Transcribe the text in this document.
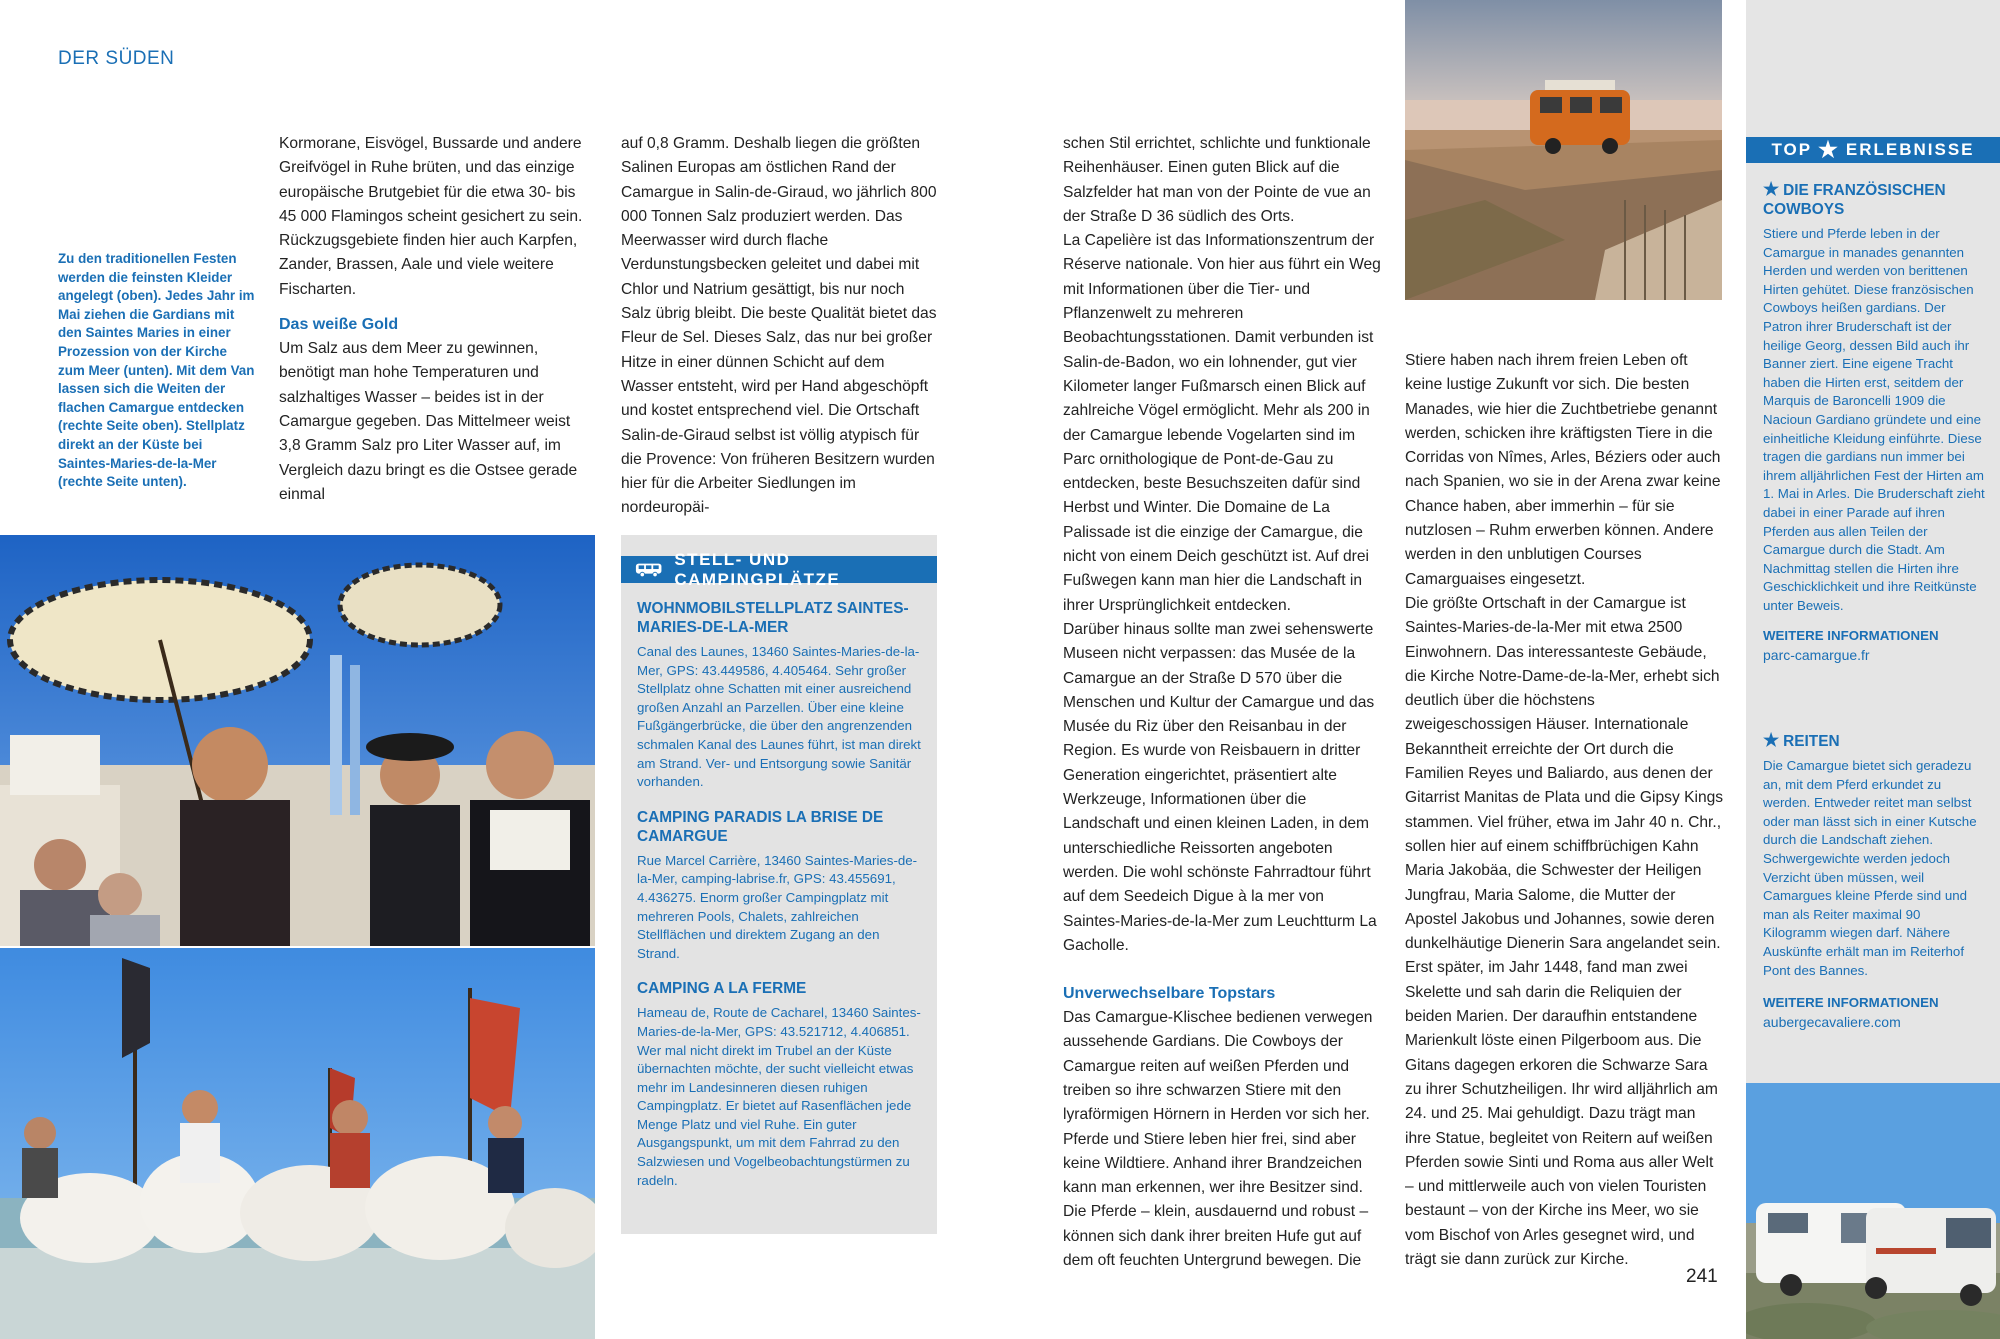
DER SÜDEN
Zu den traditionellen Festen werden die feinsten Kleider angelegt (oben). Jedes Jahr im Mai ziehen die Gardians mit den Saintes Maries in einer Prozession von der Kirche zum Meer (unten). Mit dem Van lassen sich die Weiten der flachen Camargue entdecken (rechte Seite oben). Stellplatz direkt an der Küste bei Saintes-Maries-de-la-Mer (rechte Seite unten).

Kormorane, Eisvögel, Bussarde und andere Greifvögel in Ruhe brüten, und das einzige europäische Brutgebiet für die etwa 30- bis 45 000 Flamingos scheint gesichert zu sein. Rückzugsgebiete finden hier auch Karpfen, Zander, Brassen, Aale und viele weitere Fischarten.

Das weiße Gold

Um Salz aus dem Meer zu gewinnen, benötigt man hohe Temperaturen und salzhaltiges Wasser – beides ist in der Camargue gegeben. Das Mittelmeer weist 3,8 Gramm Salz pro Liter Wasser auf, im Vergleich dazu bringt es die Ostsee gerade einmal

auf 0,8 Gramm. Deshalb liegen die größten Salinen Europas am östlichen Rand der Camargue in Salin-de-Giraud, wo jährlich 800 000 Tonnen Salz produziert werden. Das Meerwasser wird durch flache Verdunstungsbecken geleitet und dabei mit Chlor und Natrium gesättigt, bis nur noch Salz übrig bleibt. Die beste Qualität bietet das Fleur de Sel. Dieses Salz, das nur bei großer Hitze in einer dünnen Schicht auf dem Wasser entsteht, wird per Hand abgeschöpft und kostet entsprechend viel. Die Ortschaft Salin-de-Giraud selbst ist völlig atypisch für die Provence: Von früheren Besitzern wurden hier für die Arbeiter Siedlungen im nordeuropäi-

schen Stil errichtet, schlichte und funktionale Reihenhäuser. Einen guten Blick auf die Salzfelder hat man von der Pointe de vue an der Straße D 36 südlich des Orts.

La Capelière ist das Informationszentrum der Réserve nationale. Von hier aus führt ein Weg mit Informationen über die Tier- und Pflanzenwelt zu mehreren Beobachtungsstationen. Damit verbunden ist Salin-de-Badon, wo ein lohnender, gut vier Kilometer langer Fußmarsch einen Blick auf zahlreiche Vögel ermöglicht. Mehr als 200 in der Camargue lebende Vogelarten sind im Parc ornithologique de Pont-de-Gau zu entdecken, beste Besuchszeiten dafür sind Herbst und Winter. Die Domaine de La Palissade ist die einzige der Camargue, die nicht von einem Deich geschützt ist. Auf drei Fußwegen kann man hier die Landschaft in ihrer Ursprünglichkeit entdecken.

Darüber hinaus sollte man zwei sehenswerte Museen nicht verpassen: das Musée de la Camargue an der Straße D 570 über die Menschen und Kultur der Camargue und das Musée du Riz über den Reisanbau in der Region. Es wurde von Reisbauern in dritter Generation eingerichtet, präsentiert alte Werkzeuge, Informationen über die Landschaft und einen kleinen Laden, in dem unterschiedliche Reissorten angeboten werden. Die wohl schönste Fahrradtour führt auf dem Seedeich Digue à la mer von Saintes-Maries-de-la-Mer zum Leuchtturm La Gacholle.

Unverwechselbare Topstars

Das Camargue-Klischee bedienen verwegen aussehende Gardians. Die Cowboys der Camargue reiten auf weißen Pferden und treiben so ihre schwarzen Stiere mit den lyraförmigen Hörnern in Herden vor sich her. Pferde und Stiere leben hier frei, sind aber keine Wildtiere. Anhand ihrer Brandzeichen kann man erkennen, wer ihre Besitzer sind. Die Pferde – klein, ausdauernd und robust – können sich dank ihrer breiten Hufe gut auf dem oft feuchten Untergrund bewegen. Die

Stiere haben nach ihrem freien Leben oft keine lustige Zukunft vor sich. Die besten Manades, wie hier die Zuchtbetriebe genannt werden, schicken ihre kräftigsten Tiere in die Corridas von Nîmes, Arles, Béziers oder auch nach Spanien, wo sie in der Arena zwar keine Chance haben, aber immerhin – für sie nutzlosen – Ruhm erwerben können. Andere werden in den unblutigen Courses Camarguaises eingesetzt.

Die größte Ortschaft in der Camargue ist Saintes-Maries-de-la-Mer mit etwa 2500 Einwohnern. Das interessanteste Gebäude, die Kirche Notre-Dame-de-la-Mer, erhebt sich deutlich über die höchstens zweigeschossigen Häuser. Internationale Bekanntheit erreichte der Ort durch die Familien Reyes und Baliardo, aus denen der Gitarrist Manitas de Plata und die Gipsy Kings stammen. Viel früher, etwa im Jahr 40 n. Chr., sollen hier auf einem schiffbrüchigen Kahn Maria Jakobäa, die Schwester der Heiligen Jungfrau, Maria Salome, die Mutter der Apostel Jakobus und Johannes, sowie deren dunkelhäutige Dienerin Sara angelandet sein. Erst später, im Jahr 1448, fand man zwei Skelette und sah darin die Reliquien der beiden Marien. Der daraufhin entstandene Marienkult löste einen Pilgerboom aus. Die Gitans dagegen erkoren die Schwarze Sara zu ihrer Schutzheiligen. Ihr wird alljährlich am 24. und 25. Mai gehuldigt. Dazu trägt man ihre Statue, begleitet von Reitern auf weißen Pferden sowie Sinti und Roma aus aller Welt – und mittlerweile auch von vielen Touristen bestaunt – von der Kirche ins Meer, wo sie vom Bischof von Arles gesegnet wird, und trägt sie dann zurück zur Kirche.

STELL- UND CAMPINGPLÄTZE
WOHNMOBILSTELLPLATZ SAINTES-MARIES-DE-LA-MER

Canal des Launes, 13460 Saintes-Maries-de-la-Mer, GPS: 43.449586, 4.405464. Sehr großer Stellplatz ohne Schatten mit einer ausreichend großen Anzahl an Parzellen. Über eine kleine Fußgängerbrücke, die über den angrenzenden schmalen Kanal des Launes führt, ist man direkt am Strand. Ver- und Entsorgung sowie Sanitär vorhanden.

CAMPING PARADIS LA BRISE DE CAMARGUE

Rue Marcel Carrière, 13460 Saintes-Maries-de-la-Mer, camping-labrise.fr, GPS: 43.455691, 4.436275. Enorm großer Campingplatz mit mehreren Pools, Chalets, zahlreichen Stellflächen und direktem Zugang an den Strand.

CAMPING A LA FERME

Hameau de, Route de Cacharel, 13460 Saintes-Maries-de-la-Mer, GPS: 43.521712, 4.406851. Wer mal nicht direkt im Trubel an der Küste übernachten möchte, der sucht vielleicht etwas mehr im Landesinneren diesen ruhigen Campingplatz. Er bietet auf Rasenflächen jede Menge Platz und viel Ruhe. Ein guter Ausgangspunkt, um mit dem Fahrrad zu den Salzwiesen und Vogelbeobachtungstürmen zu radeln.

241
TOP ★ ERLEBNISSE
★ DIE FRANZÖSISCHEN COWBOYS

Stiere und Pferde leben in der Camargue in manades genannten Herden und werden von berittenen Hirten gehütet. Diese französischen Cowboys heißen gardians. Der Patron ihrer Bruderschaft ist der heilige Georg, dessen Bild auch ihr Banner ziert. Eine eigene Tracht haben die Hirten erst, seitdem der Marquis de Baroncelli 1909 die Nacioun Gardiano gründete und eine einheitliche Kleidung einführte. Diese tragen die gardians nun immer bei ihrem alljährlichen Fest der Hirten am 1. Mai in Arles. Die Bruderschaft zieht dabei in einer Parade auf ihren Pferden aus allen Teilen der Camargue durch die Stadt. Am Nachmittag stellen die Hirten ihre Geschicklichkeit und ihre Reitkünste unter Beweis.

WEITERE INFORMATIONEN

parc-camargue.fr

★ REITEN

Die Camargue bietet sich geradezu an, mit dem Pferd erkundet zu werden. Entweder reitet man selbst oder man lässt sich in einer Kutsche durch die Landschaft ziehen. Schwergewichte werden jedoch Verzicht üben müssen, weil Camargues kleine Pferde sind und man als Reiter maximal 90 Kilogramm wiegen darf. Nähere Auskünfte erhält man im Reiterhof Pont des Bannes.

WEITERE INFORMATIONEN

aubergecavaliere.com
